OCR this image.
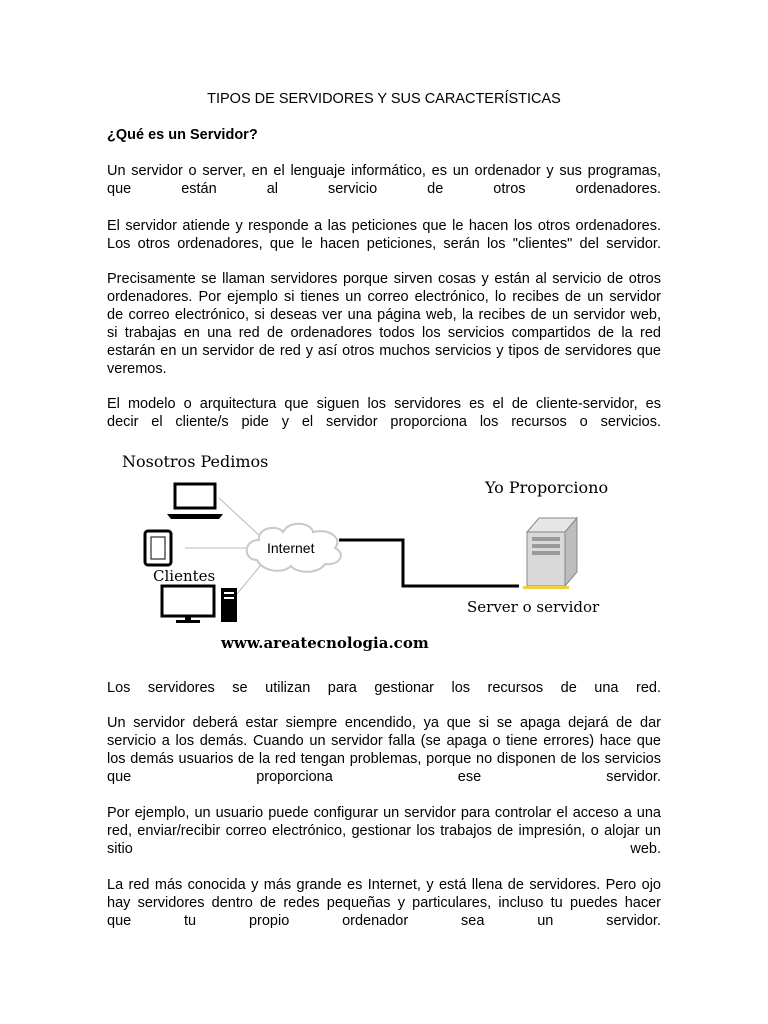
TIPOS DE SERVIDORES Y SUS CARACTERÍSTICAS
¿Qué es un Servidor?

Un servidor o server, en el lenguaje informático, es un ordenador y sus programas,
que están al servicio de otros ordenadores.

El servidor atiende y responde a las peticiones que le hacen los otros ordenadores.
Los otros ordenadores, que le hacen peticiones, serán los "clientes" del servidor.

Precisamente se llaman servidores porque sirven cosas y están al servicio de otros
ordenadores. Por ejemplo si tienes un correo electrónico, lo recibes de un servidor
de correo electrónico, si deseas ver una página web, la recibes de un servidor web,
si trabajas en una red de ordenadores todos los servicios compartidos de la red
estarán en un servidor de red y así otros muchos servicios y tipos de servidores que
veremos.

El modelo o arquitectura que siguen los servidores es el de cliente-servidor, es
decir el cliente/s pide y el servidor proporciona los recursos o servicios.

Nosotros Pedimos
Clientes
Internet
Yo Proporciono
Server o servidor
www.areatecnologia.com

Los servidores se utilizan para gestionar los recursos de una red.

Un servidor deberá estar siempre encendido, ya que si se apaga dejará de dar
servicio a los demás. Cuando un servidor falla (se apaga o tiene errores) hace que
los demás usuarios de la red tengan problemas, porque no disponen de los servicios
que proporciona ese servidor.

Por ejemplo, un usuario puede configurar un servidor para controlar el acceso a una
red, enviar/recibir correo electrónico, gestionar los trabajos de impresión, o alojar un
sitio web.

La red más conocida y más grande es Internet, y está llena de servidores. Pero ojo
hay servidores dentro de redes pequeñas y particulares, incluso tu puedes hacer
que tu propio ordenador sea un servidor.
